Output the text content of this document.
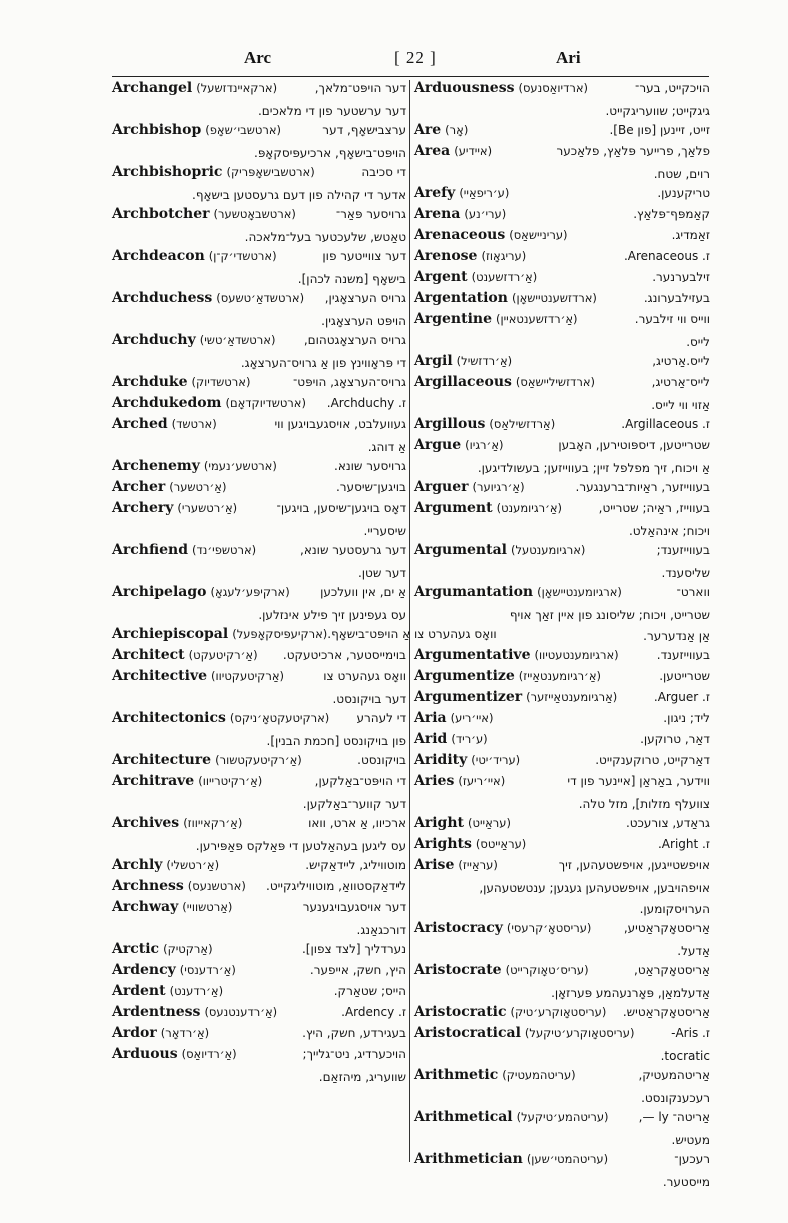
Arc	[ 22 ]	Ari
Archangel (ארקאיינדזשעל)	דער הויפּט־מלאך,
דער ערשטער פון די מלאכים.
Archbishop (ארטשבי׳שאָפ)	ערצביּשאָף, דער
הויפּט־בישאָף, ארכיעפּיסקאָפּ.
Archbishopric (ארטשבישאָפּריק)	די סכיבה
אדער די קהילה פון דעם גרעסטען בישאָף.
Archbotcher (ארטשבאָטשער)	גרויסער פּאַר־
טאַטש, שלעכטער בעל־מלאכה.
Archdeacon (ארטשדי׳ק־ן)	דער צווייטער פון
בישאָף [משנה לכהן].
Archduchess (ארטשדאַ׳טשעס)	גרויס הערצאָגין,
הויפּט הערצאָגין.
Archduchy (ארטשדאַ׳טשי)	גרויס הערצאָגטהום,
די פּראָווינץ פון אַ גרויס־הערצאָג.
Archduke (ארטשדיוק)	גרויס־הערצאָג, הויפּט־
Archdukedom (ארטשדיוקדאָם)	ז. Archduchy.
Arched (ארטשד)	געוועלבט, אויסגעבויגען ווי
אַ דוהג.
Archenemy (ארטשע׳נעמי)	גרויסער שונא.
Archer (אַ׳רטשער)	בויגען־שיסער.
Archery (אַ׳רטשערי)	דאָס בויגען־שיסען, בויגען־
שיסעריי.
Archfiend (ארטשפי׳נד)	דער גרעסטער שונא,
דער שטן.
Archipelago (ארקיפּע׳לעגאָ)	אַ ים, אין וועלכען
עס געפינען זיך פילע אינזלען.
Archiepiscopal (ארקיעפּיסקאָפּעל) וואָס געהערט צו אַ הויפּט־בישאָף.
Architect (אַ׳רקיטעקט)	בוימייסטער, ארכיטעקט.
Architective (אַרקיטעקטיוו)	וואָס געהערט צו
דער בויקונסט.
Architectonics (ארקיטעקטאָ׳ניקס)	די לעהרע
פון בויקונסט [חכמת הבנין].
Architecture (אַ׳רקיטעקטשור)	בויקונסט.
Architrave (אַ׳רקיטרייוו)	די הויפּט־באַלקען,
דער קווער־באַלקען.
Archives (אַ׳רקאייווז)	ארכיוו, אַ ארט, וואו
עס ליגען בעהאַלטען די פּאַלקס פּאַפּירען.
Archly (אַ׳רטשלי)	מוטוויליג, ליידאַקיש.
Archness (ארטשנעס)	לײדאַקסטוואַ, מוטוויליגקייט.
Archway (אַרטשוויי)	דער אויסגעבויגענער
דורכגאַנג.
Arctic (אַרקטיק)	נערדליך [לצד צפון].
Ardency (אַ׳רדענסי)	היץ, חשק, אייפער.
Ardent (אַ׳רדענט)	הייס; שטאַרק.
Ardentness (אַ׳רדענטנעס)	ז. Ardency.
Ardor (אַ׳רדאָר)	בעגירדע, חשק, היץ.
Arduous (אַ׳רדיואַס)	הויכערדיג, ניט־גלייך;
שוועריג, מיהזאַם.
Arduousness (ארדיואַסנעס)	הויכקייט, בער־
גיגקייט; שוועריגקייט.
Are (אָר)	זייט, זיינען [פון Be].
Area (איידיע)	פלאַך, פרייער פּלאַץ, פלאַכער
רוים, שטח.
Arefy (ע׳ריפאַיי)	טריקענען.
Arena (ערי׳נע)	קאַמפּף־פּלאַץ.
Arenaceous (עריניישאַס)	זאַמדיג.
Arenose (עריגאָוז)	ז. Arenaceous.
Argent (אַ׳רדזשענט)	זילבערנער.
Argentation (ארדזשענטיישאָן)	בעזילבערונג.
Argentine (אַ׳רדזשענטאיין)	ווייס ווי זילבער.
לייס.
Argil (אַ׳רדזשיל)	לייס.אַרטיג,
Argillaceous (ארדזשיליישאַס)	לייס־אַרטיג,
אַזוי ווי לייס.
Argillous (אַרדזשילאַס)	ז. Argillaceous.
Argue (אַ׳רגיו)	שטרייטען, דיספּוטירען, האָבען
אַ ויכוח, זיך מפלפל זיין; בעווייזען; בעשולדיגען.
Arguer (אַ׳רגיוער)	בעווייזער, ראַיות־ברענגער.
Argument (אַ׳רגיומענט)	בעווייז, ראַיה; שטרייט,
ויכוח; אינהאַלט.
Argumental (ארגיומענטעל)	בעווייזענד;
שליסענד.
Argumantation (ארגיומענטיישאָן)	ווארט־
שטרייט, ויכוח; שליסונג פון איין זאַך אויף
אַן אַנדערער.
Argumentative (ארגיומענטעטיוו)	בעווייזענד.
Argumentize (אַ׳רגיומענטאַייז)	שטרייטען.
Argumentizer (אַרגיומענטאַייזער)	ז. Arguer.
Aria (איי׳ריע)	ליד; ניגון.
Arid (ע׳ריד)	דאַר, טרוקען.
Aridity (עריד׳יטי)	דאַרקייט, טרוקענקייט.
Aries (איי׳ריעז)	ווידער, באַראַן [איינער פון די
צוועלף מזלות], מזל טלה.
Aright (עראַייט)	גראַדע, צורעכט.
Arights (עראַייטס)	ז. Aright.
Arise (עראַייז)	אויפשטייגען, אויפשטעהען, זיך
אויפהויבען, אויפשטעהען געגען; ענטשטעהען,
הערויסקומען.
Aristocracy (עריסטאָ׳קרעסי)	אַריסטאָקראַטיע,
אַדעל.
Aristocrate (עריס׳טאָוקרייט)	אַריסטאָקראַט,
אַדעלמאַן, פּאָרנעהמע פּערזאָן.
Aristocratic (עריסטאָוקרע׳טיק)	אַריסטאָקראַטיש.
Aristocratical (עריסטאָוקרע׳טיקעל)	ז. Aris-
tocratic.
Arithmetic (עריטהמעטיק)	אַריטהמעטיק,
רעכענקונסט.
Arithmetical (עריטהמע׳טיקעל)	אַריטה־ ly —,
מעטיש.
Arithmetician (עריטהמטי׳שען)	רעכען־
מייסטער.
